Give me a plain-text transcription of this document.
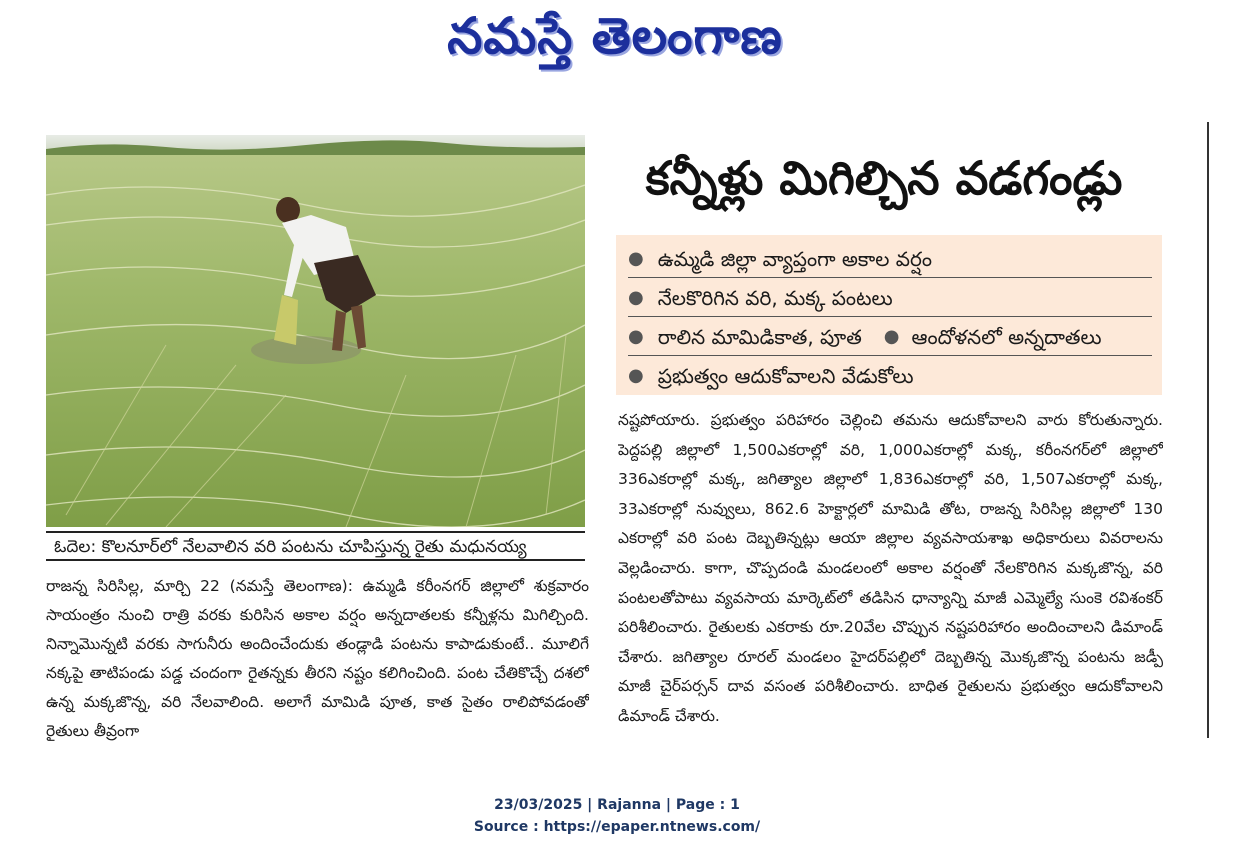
నమస్తే తెలంగాణ
ఓదెల: కొలనూర్‌లో నేలవాలిన వరి పంటను చూపిస్తున్న రైతు మధునయ్య
కన్నీళ్లు మిగిల్చిన వడగండ్లు
● ఉమ్మడి జిల్లా వ్యాప్తంగా అకాల వర్షం
● నేలకొరిగిన వరి, మక్క పంటలు
● రాలిన మామిడికాత, పూత ● ఆందోళనలో అన్నదాతలు
● ప్రభుత్వం ఆదుకోవాలని వేడుకోలు
నష్టపోయారు. ప్రభుత్వం పరిహారం చెల్లించి తమను ఆదుకోవాలని వారు కోరుతున్నారు. పెద్దపల్లి జిల్లాలో 1,500ఎకరాల్లో వరి, 1,000ఎకరాల్లో మక్క, కరీంనగర్‌లో జిల్లాలో 336ఎకరాల్లో మక్క, జగిత్యాల జిల్లాలో 1,836ఎకరాల్లో వరి, 1,507ఎకరాల్లో మక్క, 33ఎకరాల్లో నువ్వులు, 862.6 హెక్టార్లలో మామిడి తోట, రాజన్న సిరిసిల్ల జిల్లాలో 130 ఎకరాల్లో వరి పంట దెబ్బతిన్నట్లు ఆయా జిల్లాల వ్యవసాయశాఖ అధికారులు వివరాలను వెల్లడించారు. కాగా, చొప్పదండి మండలంలో అకాల వర్షంతో నేలకొరిగిన మక్కజొన్న, వరి పంటలతోపాటు వ్యవసాయ మార్కెట్‌లో తడిసిన ధాన్యాన్ని మాజీ ఎమ్మెల్యే సుంకె రవిశంకర్ పరిశీలించారు. రైతులకు ఎకరాకు రూ.20వేల చొప్పున నష్టపరిహారం అందించాలని డిమాండ్ చేశారు. జగిత్యాల రూరల్ మండలం హైదర్‌పల్లిలో దెబ్బతిన్న మొక్కజొన్న పంటను జడ్పీ మాజీ చైర్‌పర్సన్ దావ వసంత పరిశీలించారు. బాధిత రైతులను ప్రభుత్వం ఆదుకోవాలని డిమాండ్ చేశారు.
రాజన్న సిరిసిల్ల, మార్చి 22 (నమస్తే తెలంగాణ): ఉమ్మడి కరీంనగర్ జిల్లాలో శుక్రవారం సాయంత్రం నుంచి రాత్రి వరకు కురిసిన అకాల వర్షం అన్నదాతలకు కన్నీళ్లను మిగిల్చింది. నిన్నామొన్నటి వరకు సాగునీరు అందించేందుకు తండ్లాడి పంటను కాపాడుకుంటే.. మూలిగే నక్కపై తాటిపండు పడ్డ చందంగా రైతన్నకు తీరని నష్టం కలిగించింది. పంట చేతికొచ్చే దశలో ఉన్న మక్కజొన్న, వరి నేలవాలింది. అలాగే మామిడి పూత, కాత సైతం రాలిపోవడంతో రైతులు తీవ్రంగా
23/03/2025 | Rajanna | Page : 1
Source : https://epaper.ntnews.com/
